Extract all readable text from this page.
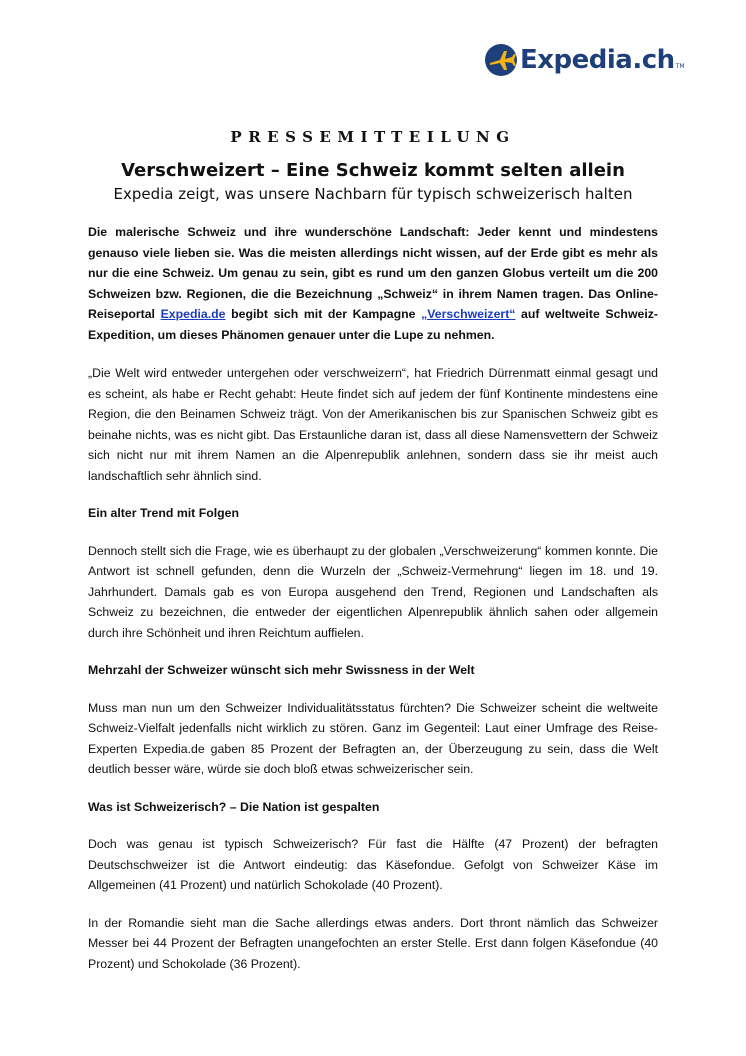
Expedia.ch TM
PRESSEMITTEILUNG
Verschweizert – Eine Schweiz kommt selten allein
Expedia zeigt, was unsere Nachbarn für typisch schweizerisch halten

Die malerische Schweiz und ihre wunderschöne Landschaft: Jeder kennt und mindestens genauso viele lieben sie. Was die meisten allerdings nicht wissen, auf der Erde gibt es mehr als nur die eine Schweiz. Um genau zu sein, gibt es rund um den ganzen Globus verteilt um die 200 Schweizen bzw. Regionen, die die Bezeichnung „Schweiz“ in ihrem Namen tragen. Das Online-Reiseportal Expedia.de begibt sich mit der Kampagne „Verschweizert“ auf weltweite Schweiz-Expedition, um dieses Phänomen genauer unter die Lupe zu nehmen.

„Die Welt wird entweder untergehen oder verschweizern“, hat Friedrich Dürrenmatt einmal gesagt und es scheint, als habe er Recht gehabt: Heute findet sich auf jedem der fünf Kontinente mindestens eine Region, die den Beinamen Schweiz trägt. Von der Amerikanischen bis zur Spanischen Schweiz gibt es beinahe nichts, was es nicht gibt. Das Erstaunliche daran ist, dass all diese Namensvettern der Schweiz sich nicht nur mit ihrem Namen an die Alpenrepublik anlehnen, sondern dass sie ihr meist auch landschaftlich sehr ähnlich sind.

Ein alter Trend mit Folgen

Dennoch stellt sich die Frage, wie es überhaupt zu der globalen „Verschweizerung“ kommen konnte. Die Antwort ist schnell gefunden, denn die Wurzeln der „Schweiz-Vermehrung“ liegen im 18. und 19. Jahrhundert. Damals gab es von Europa ausgehend den Trend, Regionen und Landschaften als Schweiz zu bezeichnen, die entweder der eigentlichen Alpenrepublik ähnlich sahen oder allgemein durch ihre Schönheit und ihren Reichtum auffielen.

Mehrzahl der Schweizer wünscht sich mehr Swissness in der Welt

Muss man nun um den Schweizer Individualitätsstatus fürchten? Die Schweizer scheint die weltweite Schweiz-Vielfalt jedenfalls nicht wirklich zu stören. Ganz im Gegenteil: Laut einer Umfrage des Reise-Experten Expedia.de gaben 85 Prozent der Befragten an, der Überzeugung zu sein, dass die Welt deutlich besser wäre, würde sie doch bloß etwas schweizerischer sein.

Was ist Schweizerisch? – Die Nation ist gespalten

Doch was genau ist typisch Schweizerisch? Für fast die Hälfte (47 Prozent) der befragten Deutschschweizer ist die Antwort eindeutig: das Käsefondue. Gefolgt von Schweizer Käse im Allgemeinen (41 Prozent) und natürlich Schokolade (40 Prozent).

In der Romandie sieht man die Sache allerdings etwas anders. Dort thront nämlich das Schweizer Messer bei 44 Prozent der Befragten unangefochten an erster Stelle. Erst dann folgen Käsefondue (40 Prozent) und Schokolade (36 Prozent).
